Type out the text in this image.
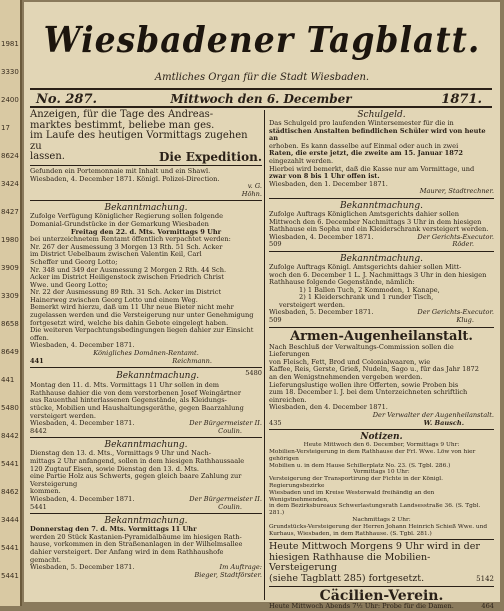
1981
3330
2400
17
8624
3424
8427
1980
3909
3309
8658
8649
441
5480
8442
5441
8462
3444
5441
5441
Wiesbadener Tagblatt.
Amtliches Organ für die Stadt Wiesbaden.
No. 287.	Mittwoch den 6. December	1871.

Anzeigen, für die Tage des Andreas-

marktes bestimmt, beliebe man ges.

im Laufe des heutigen Vormittags zugehen zu

lassen.	Die Expedition.

Gefunden ein Portemonnaie mit Inhalt und ein Shawl.

Wiesbaden, 4. December 1871. Königl. Polizei-Direction.

v. G.

Höhn.

Bekanntmachung.

Zufolge Verfügung Königlicher Regierung sollen folgende

Domanial-Grundstücke in der Gemarkung Wiesbaden

Freitag den 22. d. Mts. Vormittags 9 Uhr

bei unterzeichnetem Rentamt öffentlich verpachtet werden:

Nr. 267 der Ausmessung 3 Morgen 13 Rth. 51 Sch. Acker

im District Uebelbaum zwischen Valentin Keil, Carl

Scheffer und Georg Lotto;

Nr. 348 und 349 der Ausmessung 2 Morgen 2 Rth. 44 Sch.

Acker im District Heiligenstock zwischen Friedrich Christ

Wwe. und Georg Lotto;

Nr. 22 der Ausmessung 89 Rth. 31 Sch. Acker im District

Hainerweg zwischen Georg Lotto und einem Weg.

Bemerkt wird hierzu, daß um 11 Uhr neue Bieter nicht mehr

zugelassen werden und die Versteigerung nur unter Genehmigung

fortgesetzt wird, welche bis dahin Gebote eingelegt haben.

Die weiteren Verpachtungsbedingungen liegen dahier zur Einsicht

offen.

Wiesbaden, 4. December 1871.

Königliches Domänen-Rentamt.

441	Reichmann.
Bekanntmachung.	5480

Montag den 11. d. Mts. Vormittags 11 Uhr sollen in dem

Rathhause dahier die von dem verstorbenen Josef Weingärtner

aus Rauenthal hinterlassenen Gegenstände, als Kleidungs-

stücke, Mobilien und Haushaltungsgeräthe, gegen Baarzahlung

versteigert werden.

Wiesbaden, 4. December 1871.	Der Bürgermeister II.
8442	Coulin.

Bekanntmachung.

Dienstag den 13. d. Mts., Vormittags 9 Uhr und Nach-

mittags 2 Uhr anfangend, sollen in dem hiesigen Rathhaussaale

120 Zugtauf Eisen, sowie Dienstag den 13. d. Mts.

eine Partie Holz aus Schwerts, gegen gleich baare Zahlung zur Versteigerung

kommen.

Wiesbaden, 4. December 1871.	Der Bürgermeister II.
5441	Coulin.

Bekanntmachung.

Donnerstag den 7. d. Mts. Vormittags 11 Uhr

werden 20 Stück Kastanien-Pyramidalbäume im hiesigen Rath-

hause, vorkommen in den Straßenanlagen in der Wilhelmsallee

dahier versteigert. Der Anfang wird in dem Rathhaushofe

gemacht.

Wiesbaden, 5. December 1871.	Im Auftrage:

Bieger, Stadtförster.

Schulgeld.

Das Schulgeld pro laufenden Wintersemester für die in

städtischen Anstalten befindlichen Schüler wird von heute an

erhoben. Es kann dasselbe auf Einmal oder auch in zwei

Raten, die erste jetzt, die zweite am 15. Januar 1872

eingezahlt werden.

Hierbei wird bemerkt, daß die Kasse nur am Vormittage, und

zwar von 8 bis 1 Uhr offen ist.

Wiesbaden, den 1. December 1871.

Maurer, Stadtrechner.

Bekanntmachung.

Zufolge Auftrags Königlichen Amtsgerichts dahier sollen

Mittwoch den 6. December Nachmittags 3 Uhr in dem hiesigen

Rathhause ein Sopha und ein Kleiderschrank versteigert werden.

Wiesbaden, 4. December 1871.	Der Gerichts-Executor.
509	Röder.

Bekanntmachung.

Zufolge Auftrags Königl. Amtsgerichts dahier sollen Mitt-

woch den 6. December 1 L. J. Nachmittags 3 Uhr in den hiesigen

Rathhause folgende Gegenstände, nämlich:

1) 1 Ballen Tuch, 2 Kommoden, 1 Kanape,

2) 1 Kleiderschrank und 1 runder Tisch,

versteigert werden.

Wiesbaden, 5. December 1871.	Der Gerichts-Executor.
509	Klug.

Armen-Augenheilanstalt.

Nach Beschluß der Verwaltungs-Commission sollen die Lieferungen

von Fleisch, Fett, Brod und Colonialwaaren, wie

Kaffee, Reis, Gerste, Grieß, Nudeln, Sago u., für das Jahr 1872

an den Wenigstnehmenden vergeben werden.

Lieferungslustige wollen ihre Offerten, sowie Proben bis

zum 18. December l. J. bei dem Unterzeichneten schriftlich einreichen.

Wiesbaden, den 4. December 1871.

Der Verwalter der Augenheilanstalt.

435	W. Bausch.

Notizen.

Heute Mittwoch den 6. December, Vormittags 9 Uhr:

Mobilien-Versteigerung in dem Rathhause der Frl. Wwe. Löw von hier gehörigen

Mobilien u. in dem Hause Schillerplatz No. 23. (S. Tgbl. 286.)

Vormittags 10 Uhr:

Versteigerung der Transportirung der Fichte in der Königl. Regierungsbezirke

Wiesbaden und im Kreise Westerwald freihändig an den Wenigstnehmenden,

in dem Bezirksbureaux Schwerlastungsrath Landsesstraße 36. (S. Tgbl. 281.)

Nachmittags 2 Uhr:

Grundstücks-Versteigerung der Herren Johann Heinrich Schieß Wwe. und

Kurhaus, Wiesbaden, in dem Rathhause. (S. Tgbl. 281.)

Heute Mittwoch Morgens 9 Uhr wird in der

hiesigen Rathhause die Mobilien-Versteigerung

(siehe Tagblatt 285) fortgesetzt.	5142

Cäcilien-Verein.

Heute Mittwoch Abends 7½ Uhr: Probe für die Damen.	464
